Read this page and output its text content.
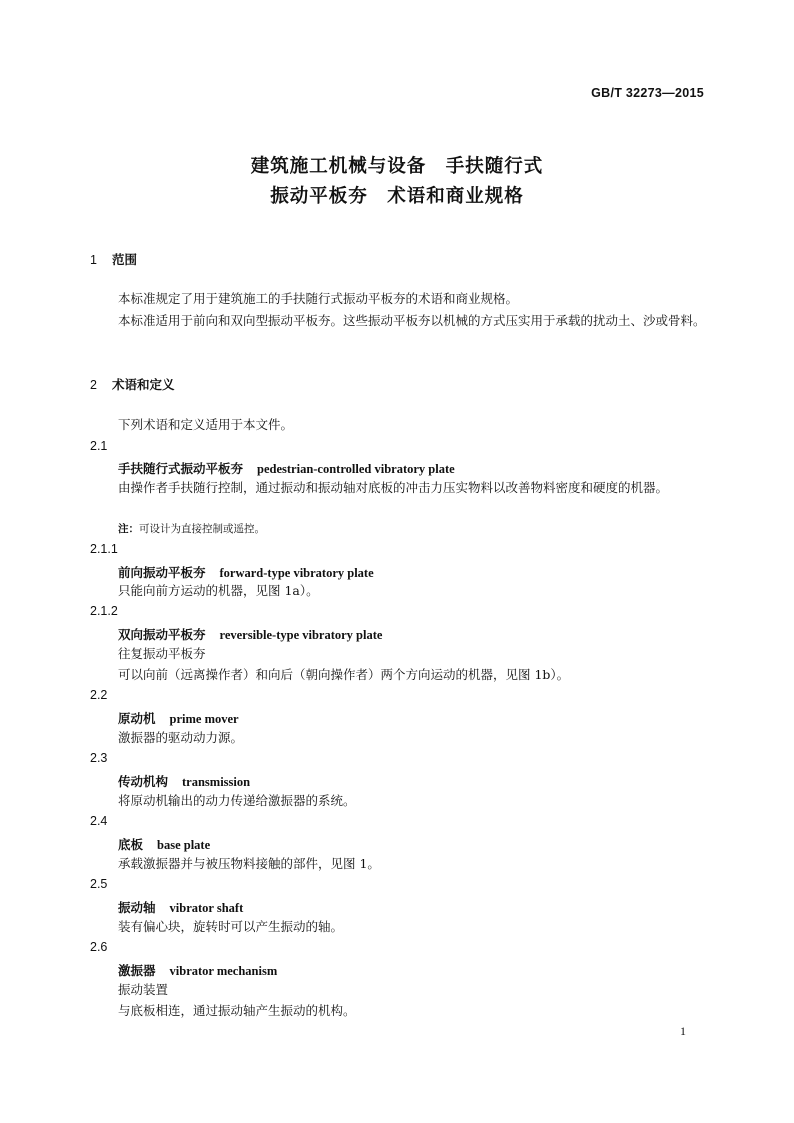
GB/T 32273—2015
建筑施工机械与设备　手扶随行式
振动平板夯　术语和商业规格
1 范围
本标准规定了用于建筑施工的手扶随行式振动平板夯的术语和商业规格。
本标准适用于前向和双向型振动平板夯。这些振动平板夯以机械的方式压实用于承载的扰动土、沙或骨料。
2 术语和定义
下列术语和定义适用于本文件。
2.1
手扶随行式振动平板夯 pedestrian-controlled vibratory plate
由操作者手扶随行控制，通过振动和振动轴对底板的冲击力压实物料以改善物料密度和硬度的机器。
注：可设计为直接控制或遥控。
2.1.1
前向振动平板夯 forward-type vibratory plate
只能向前方运动的机器，见图 1a）。
2.1.2
双向振动平板夯 reversible-type vibratory plate
往复振动平板夯
可以向前（远离操作者）和向后（朝向操作者）两个方向运动的机器，见图 1b）。
2.2
原动机 prime mover
激振器的驱动动力源。
2.3
传动机构 transmission
将原动机输出的动力传递给激振器的系统。
2.4
底板 base plate
承载激振器并与被压物料接触的部件，见图 1。
2.5
振动轴 vibrator shaft
装有偏心块，旋转时可以产生振动的轴。
2.6
激振器 vibrator mechanism
振动装置
与底板相连，通过振动轴产生振动的机构。
1
